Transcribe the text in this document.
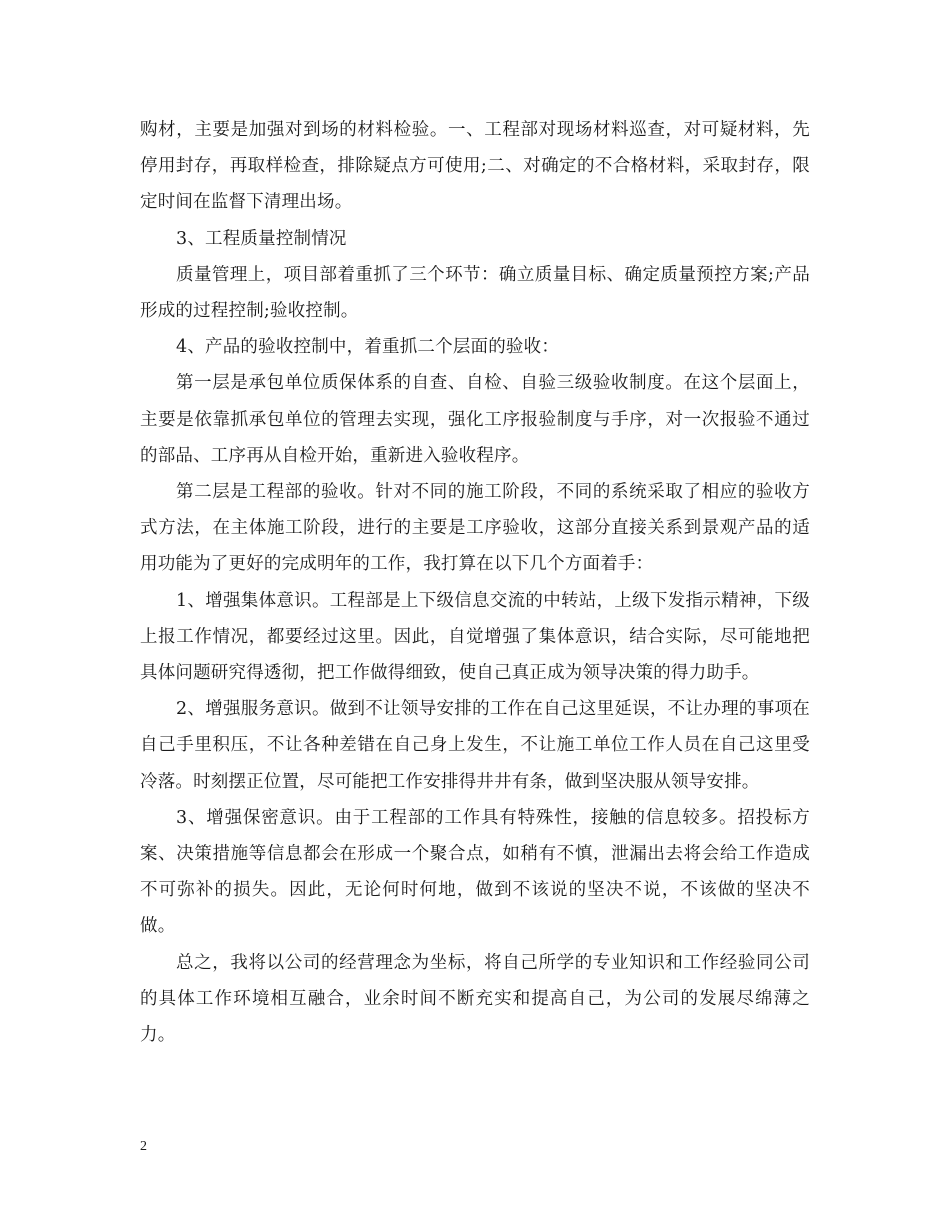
购材，主要是加强对到场的材料检验。一、工程部对现场材料巡查，对可疑材料，先停用封存，再取样检查，排除疑点方可使用;二、对确定的不合格材料，采取封存，限定时间在监督下清理出场。

3、工程质量控制情况

质量管理上，项目部着重抓了三个环节：确立质量目标、确定质量预控方案;产品形成的过程控制;验收控制。

4、产品的验收控制中，着重抓二个层面的验收：

第一层是承包单位质保体系的自查、自检、自验三级验收制度。在这个层面上，主要是依靠抓承包单位的管理去实现，强化工序报验制度与手序，对一次报验不通过的部品、工序再从自检开始，重新进入验收程序。

第二层是工程部的验收。针对不同的施工阶段，不同的系统采取了相应的验收方式方法，在主体施工阶段，进行的主要是工序验收，这部分直接关系到景观产品的适用功能为了更好的完成明年的工作，我打算在以下几个方面着手：

1、增强集体意识。工程部是上下级信息交流的中转站，上级下发指示精神，下级上报工作情况，都要经过这里。因此，自觉增强了集体意识，结合实际，尽可能地把具体问题研究得透彻，把工作做得细致，使自己真正成为领导决策的得力助手。

2、增强服务意识。做到不让领导安排的工作在自己这里延误，不让办理的事项在自己手里积压，不让各种差错在自己身上发生，不让施工单位工作人员在自己这里受冷落。时刻摆正位置，尽可能把工作安排得井井有条，做到坚决服从领导安排。

3、增强保密意识。由于工程部的工作具有特殊性，接触的信息较多。招投标方案、决策措施等信息都会在形成一个聚合点，如稍有不慎，泄漏出去将会给工作造成不可弥补的损失。因此，无论何时何地，做到不该说的坚决不说，不该做的坚决不做。

总之，我将以公司的经营理念为坐标，将自己所学的专业知识和工作经验同公司的具体工作环境相互融合，业余时间不断充实和提高自己，为公司的发展尽绵薄之力。

2
